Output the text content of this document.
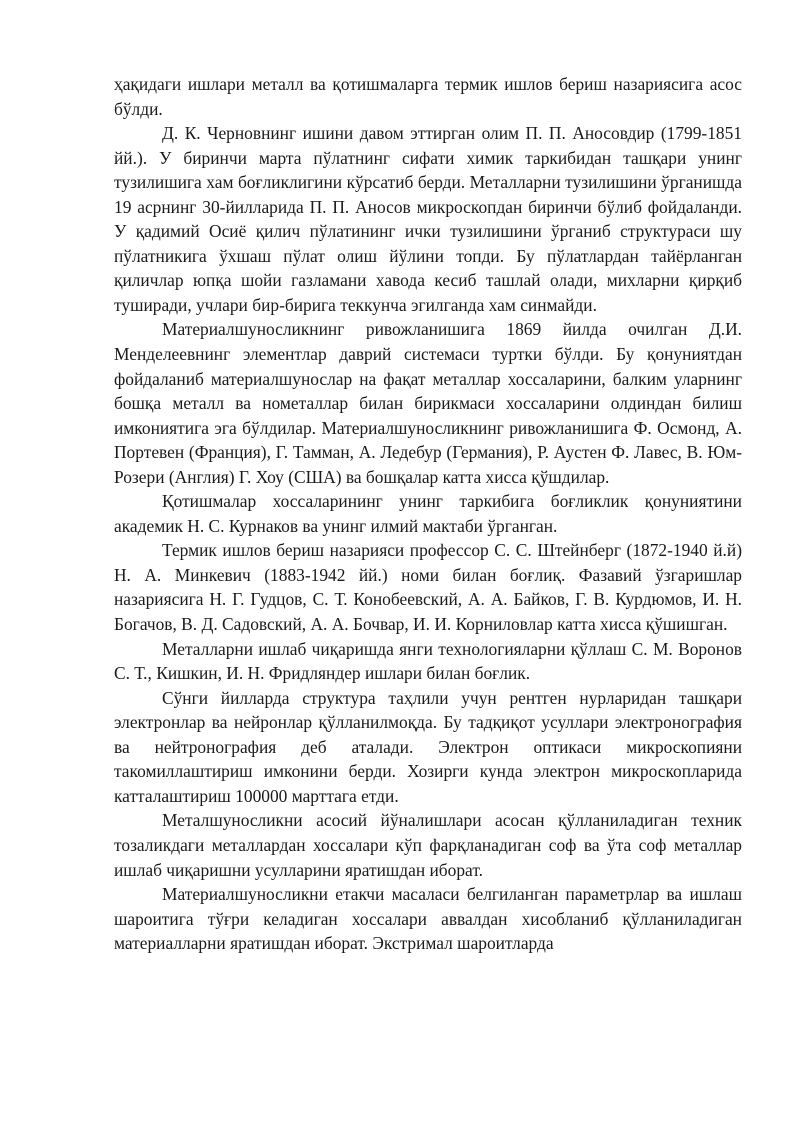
ҳақидаги ишлари металл ва қотишмаларга термик ишлов бериш назариясига асос бўлди.

Д. К. Черновнинг ишини давом эттирган олим П. П. Аносовдир (1799-1851 йй.). У биринчи марта пўлатнинг сифати химик таркибидан ташқари унинг тузилишига хам боғликлигини кўрсатиб берди. Металларни тузилишини ўрганишда 19 асрнинг 30-йилларида П. П. Аносов микроскопдан биринчи бўлиб фойдаланди. У қадимий Осиё қилич пўлатининг ички тузилишини ўрганиб структураси шу пўлатникига ўхшаш пўлат олиш йўлини топди. Бу пўлатлардан тайёрланган қиличлар юпқа шойи газламани хавода кесиб ташлай олади, михларни қирқиб туширади, учлари бир-бирига теккунча эгилганда хам синмайди.

Материалшуносликнинг ривожланишига 1869 йилда очилган Д.И. Менделеевнинг элементлар даврий системаси туртки бўлди. Бу қонуниятдан фойдаланиб материалшунослар на фақат металлар хоссаларини, балким уларнинг бошқа металл ва нометаллар билан бирикмаси хоссаларини олдиндан билиш имкониятига эга бўлдилар. Материалшуносликнинг ривожланишига Ф. Осмонд, А. Портевен (Франция), Г. Тамман, А. Ледебур (Германия), Р. Аустен Ф. Лавес, В. Юм-Розери (Англия) Г. Хоу (США) ва бошқалар катта хисса қўшдилар.

Қотишмалар хоссаларининг унинг таркибига боғликлик қонуниятини академик Н. С. Курнаков ва унинг илмий мактаби ўрганган.

Термик ишлов бериш назарияси профессор С. С. Штейнберг (1872-1940 й.й) Н. А. Минкевич (1883-1942 йй.) номи билан боғлиқ. Фазавий ўзгаришлар назариясига Н. Г. Гудцов, С. Т. Конобеевский, А. А. Байков, Г. В. Курдюмов, И. Н. Богачов, В. Д. Садовский, А. А. Бочвар, И. И. Корниловлар катта хисса қўшишган.

Металларни ишлаб чиқаришда янги технологияларни қўллаш С. М. Воронов С. Т., Кишкин, И. Н. Фридляндер ишлари билан боғлик.

Сўнги йилларда структура таҳлили учун рентген нурларидан ташқари электронлар ва нейронлар қўлланилмоқда. Бу тадқиқот усуллари электронография ва нейтронография деб аталади. Электрон оптикаси микроскопияни такомиллаштириш имконини берди. Хозирги кунда электрон микроскопларида катталаштириш 100000 марттага етди.

Металшуносликни асосий йўналишлари асосан қўлланиладиган техник тозаликдаги металлардан хоссалари кўп фарқланадиган соф ва ўта соф металлар ишлаб чиқаришни усулларини яратишдан иборат.

Материалшуносликни етакчи масаласи белгиланган параметрлар ва ишлаш шароитига тўғри келадиган хоссалари аввалдан хисобланиб қўлланиладиган материалларни яратишдан иборат. Экстримал шароитларда
